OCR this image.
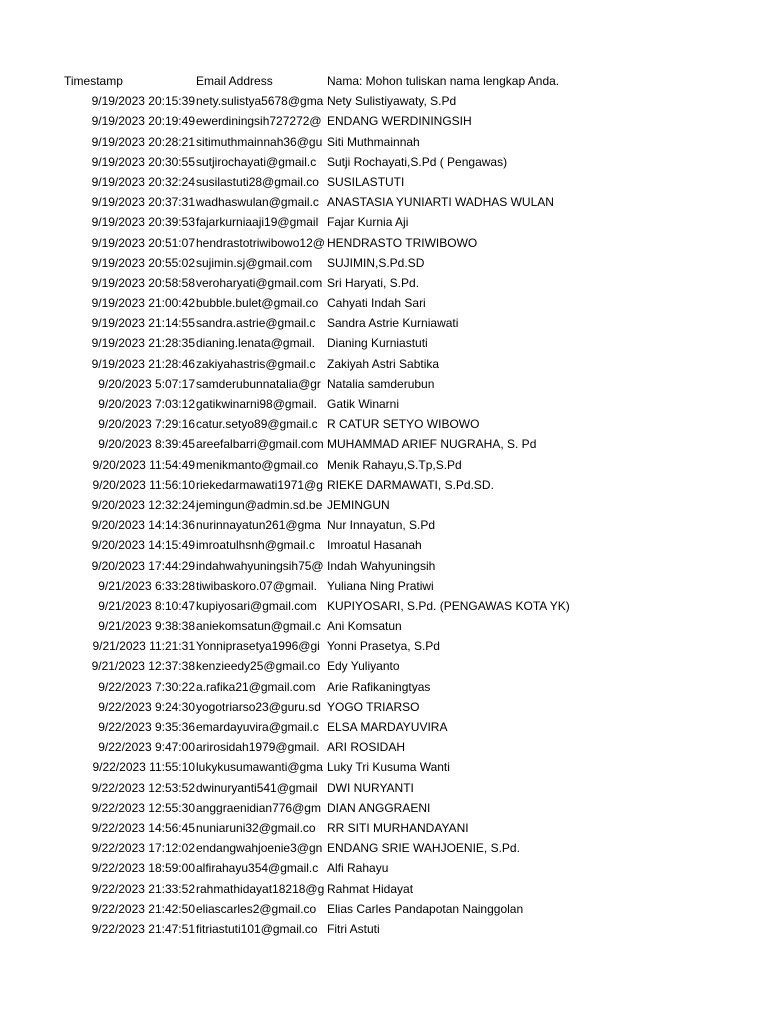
Timestamp	Email Address	Nama: Mohon tuliskan nama lengkap Anda.
9/19/2023 20:15:39 nety.sulistya5678@gma Nety Sulistiyawaty, S.Pd
9/19/2023 20:19:49 ewerdiningsih727272@ ENDANG WERDININGSIH
9/19/2023 20:28:21 sitimuthmainnah36@gu Siti Muthmainnah
9/19/2023 20:30:55 sutjirochayati@gmail.c Sutji Rochayati,S.Pd ( Pengawas)
9/19/2023 20:32:24 susilastuti28@gmail.co SUSILASTUTI
9/19/2023 20:37:31 wadhaswulan@gmail.c ANASTASIA YUNIARTI WADHAS WULAN
9/19/2023 20:39:53 fajarkurniaaji19@gmail Fajar Kurnia Aji
9/19/2023 20:51:07 hendrastotriwibowo12@ HENDRASTO TRIWIBOWO
9/19/2023 20:55:02 sujimin.sj@gmail.com	SUJIMIN,S.Pd.SD
9/19/2023 20:58:58 veroharyati@gmail.com Sri Haryati, S.Pd.
9/19/2023 21:00:42 bubble.bulet@gmail.co Cahyati Indah Sari
9/19/2023 21:14:55 sandra.astrie@gmail.c Sandra Astrie Kurniawati
9/19/2023 21:28:35 dianing.lenata@gmail.	Dianing Kurniastuti
9/19/2023 21:28:46 zakiyahastris@gmail.c Zakiyah Astri Sabtika
9/20/2023 5:07:17 samderubunnatalia@gr Natalia samderubun
9/20/2023 7:03:12 gatikwinarni98@gmail. Gatik Winarni
9/20/2023 7:29:16 catur.setyo89@gmail.c R CATUR SETYO WIBOWO
9/20/2023 8:39:45 areefalbarri@gmail.com MUHAMMAD ARIEF NUGRAHA, S. Pd
9/20/2023 11:54:49 menikmanto@gmail.co Menik Rahayu,S.Tp,S.Pd
9/20/2023 11:56:10 riekedarmawati1971@g RIEKE DARMAWATI, S.Pd.SD.
9/20/2023 12:32:24 jemingun@admin.sd.be JEMINGUN
9/20/2023 14:14:36 nurinnayatun261@gma Nur Innayatun, S.Pd
9/20/2023 14:15:49 imroatulhsnh@gmail.c	Imroatul Hasanah
9/20/2023 17:44:29 indahwahyuningsih75@ Indah Wahyuningsih
9/21/2023 6:33:28 tiwibaskoro.07@gmail. Yuliana Ning Pratiwi
9/21/2023 8:10:47 kupiyosari@gmail.com KUPIYOSARI, S.Pd. (PENGAWAS KOTA YK)
9/21/2023 9:38:38 aniekomsatun@gmail.c Ani Komsatun
9/21/2023 11:21:31 Yonniprasetya1996@gi Yonni Prasetya, S.Pd
9/21/2023 12:37:38 kenzieedy25@gmail.co Edy Yuliyanto
9/22/2023 7:30:22 a.rafika21@gmail.com Arie Rafikaningtyas
9/22/2023 9:24:30 yogotriarso23@guru.sd YOGO TRIARSO
9/22/2023 9:35:36 emardayuvira@gmail.c ELSA MARDAYUVIRA
9/22/2023 9:47:00 arirosidah1979@gmail. ARI ROSIDAH
9/22/2023 11:55:10 lukykusumawanti@gma Luky Tri Kusuma Wanti
9/22/2023 12:53:52 dwinuryanti541@gmail DWI NURYANTI
9/22/2023 12:55:30 anggraenidian776@gm DIAN ANGGRAENI
9/22/2023 14:56:45 nuniaruni32@gmail.co RR SITI MURHANDAYANI
9/22/2023 17:12:02 endangwahjoenie3@gn ENDANG SRIE WAHJOENIE, S.Pd.
9/22/2023 18:59:00 alfirahayu354@gmail.c Alfi Rahayu
9/22/2023 21:33:52 rahmathidayat18218@g Rahmat Hidayat
9/22/2023 21:42:50 eliascarles2@gmail.co Elias Carles Pandapotan Nainggolan
9/22/2023 21:47:51 fitriastuti101@gmail.co Fitri Astuti
